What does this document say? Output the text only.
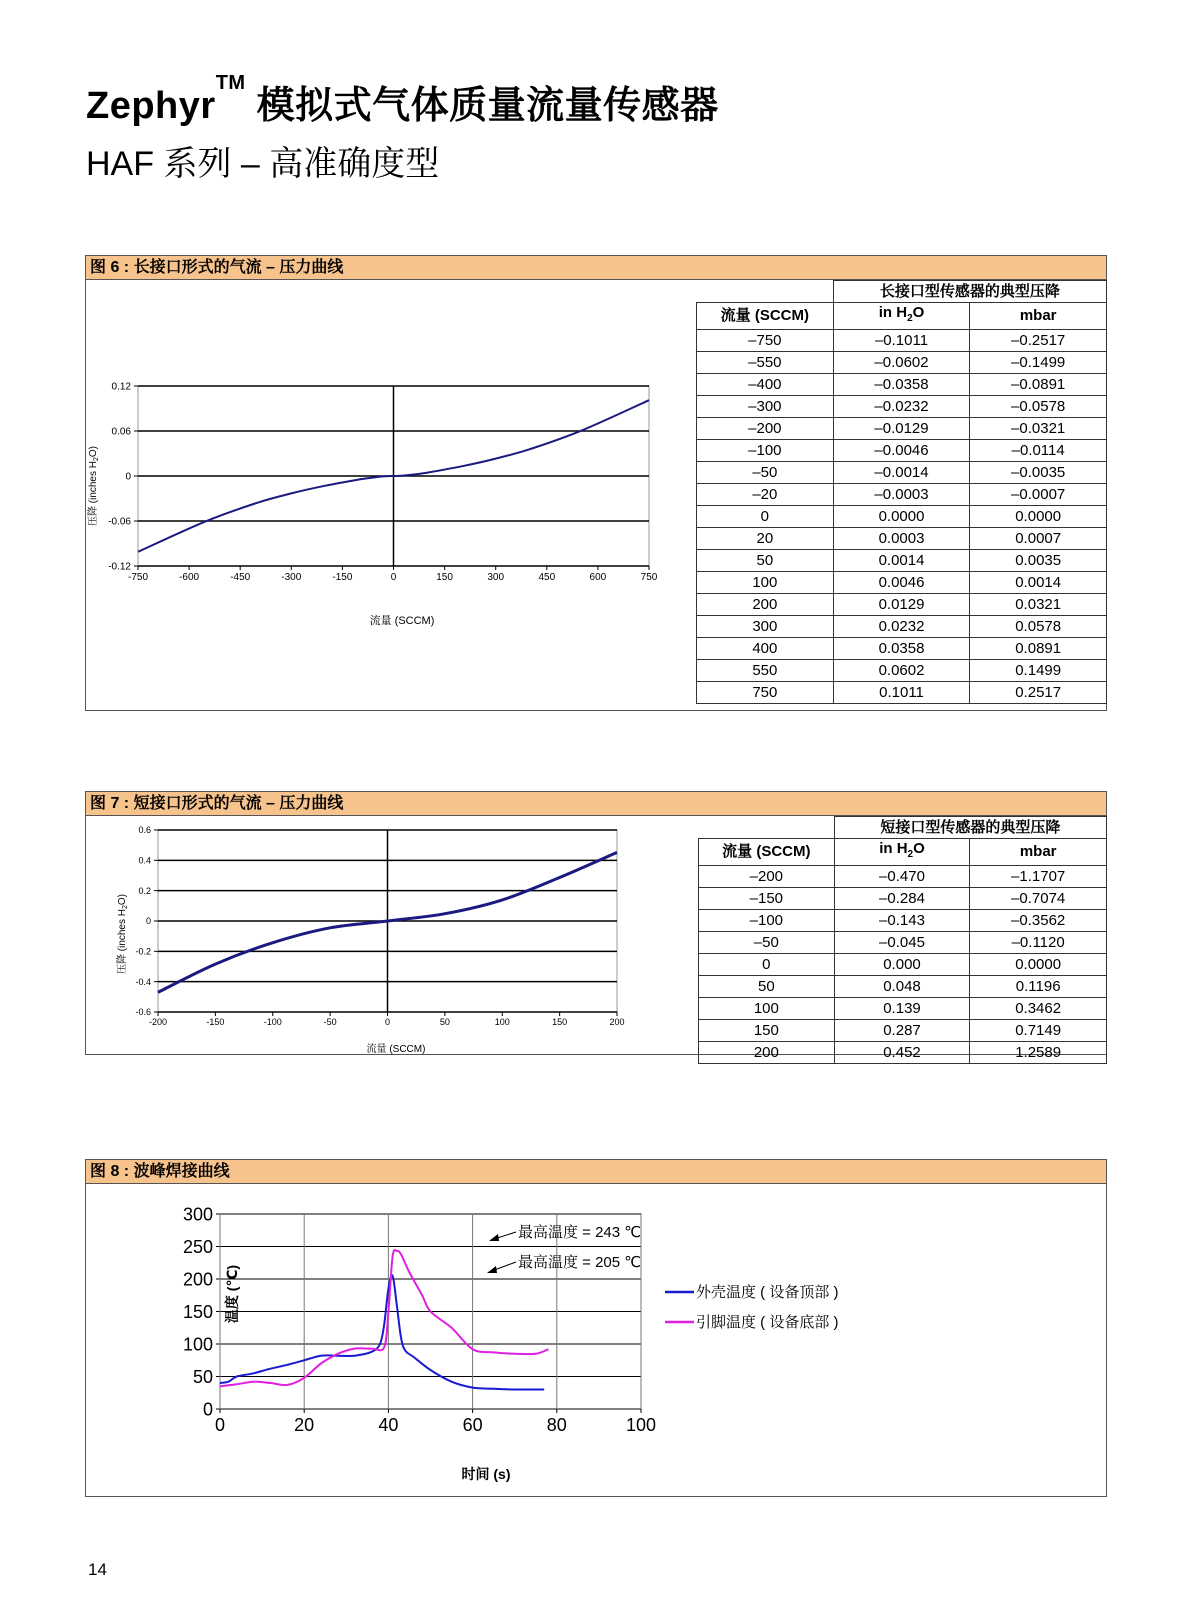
Zephyr™ 模拟式气体质量流量传感器
HAF 系列 – 高准确度型
图 6 : 长接口形式的气流 – 压力曲线
0.12
0.06
0
-0.06
-0.12
-750	-600	-450	-300	-150	0	150	300	450	600	750
流量 (SCCM)
压降 (inches $H_2O$)
	长接口型传感器的典型压降	
流量 (SCCM)	in $H_2O$	mbar
–750	–0.1011	–0.2517
–550	–0.0602	–0.1499
–400	–0.0358	–0.0891
–300	–0.0232	–0.0578
–200	–0.0129	–0.0321
–100	–0.0046	–0.0114
–50	–0.0014	–0.0035
–20	–0.0003	–0.0007
0	0.0000	0.0000
20	0.0003	0.0007
50	0.0014	0.0035
100	0.0046	0.0014
200	0.0129	0.0321
300	0.0232	0.0578
400	0.0358	0.0891
550	0.0602	0.1499
750	0.1011	0.2517
图 7 : 短接口形式的气流 – 压力曲线
0.6
0.4
0.2
0
-0.2
-0.4
-0.6
-200	-150	-100	-50	0	50	100	150	200
流量 (SCCM)
压降 (inches $H_2O$)
	短接口型传感器的典型压降	
流量 (SCCM)	in $H_2O$	mbar
–200	–0.470	–1.1707
–150	–0.284	–0.7074
–100	–0.143	–0.3562
–50	–0.045	–0.1120
0	0.000	0.0000
50	0.048	0.1196
100	0.139	0.3462
150	0.287	0.7149
200	0.452	1.2589
图 8 : 波峰焊接曲线
300
250
200
150
100
50
0
0	20	40	60	80	100
外壳温度 ( 设备顶部 )
引脚温度 ( 设备底部 )
最高温度 = 243 ℃
最高温度 = 205 ℃
时间 (s)
温度 (℃)
14
